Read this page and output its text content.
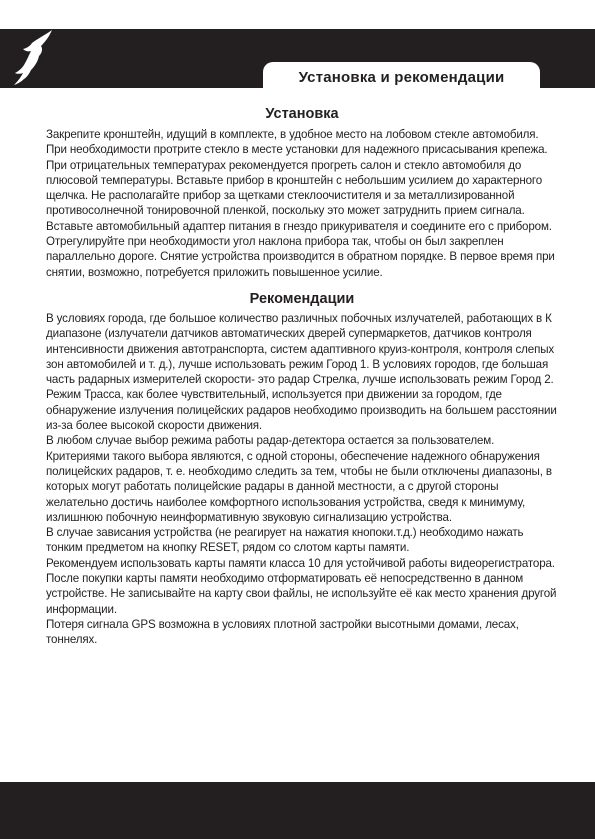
Установка и рекомендации
Установка

Закрепите кронштейн, идущий в комплекте, в удобное место на лобовом стекле автомобиля. При необходимости протрите стекло в месте установки для надежного присасывания крепежа. При отрицательных температурах рекомендуется прогреть салон и стекло автомобиля до плюсовой температуры. Вставьте прибор в кронштейн с небольшим усилием до характерного щелчка. Не располагайте прибор за щетками стеклоочистителя и за металлизированной противосолнечной тонировочной пленкой, поскольку это может затруднить прием сигнала. Вставьте автомобильный адаптер питания в гнездо прикуривателя и соедините его с прибором. Отрегулируйте при необходимости угол наклона прибора так, чтобы он был закреплен параллельно дороге. Снятие устройства производится в обратном порядке. В первое время при снятии, возможно, потребуется приложить повышенное усилие.

Рекомендации

В условиях города, где большое количество различных побочных излучателей, работающих в К диапазоне (излучатели датчиков автоматических дверей супермаркетов, датчиков контроля интенсивности движения автотранспорта, систем адаптивного круиз-контроля, контроля слепых зон автомобилей и т. д.), лучше использовать режим Город 1. В условиях городов, где большая часть радарных измерителей скорости- это радар Стрелка, лучше использовать режим Город 2.

Режим Трасса, как более чувствительный, используется при движении за городом, где обнаружение излучения полицейских радаров необходимо производить на большем расстоянии из-за более высокой скорости движения.

В любом случае выбор режима работы радар-детектора остается за пользователем. Критериями такого выбора являются, с одной стороны, обеспечение надежного обнаружения полицейских радаров, т. е. необходимо следить за тем, чтобы не были отключены диапазоны, в которых могут работать полицейские радары в данной местности, а с другой стороны желательно достичь наиболее комфортного использования устройства, сведя к минимуму, излишнюю побочную неинформативную звуковую сигнализацию устройства.

В случае зависания устройства (не реагирует на нажатия кнопоки.т.д.) необходимо нажать тонким предметом на кнопку RESET, рядом со слотом карты памяти.

Рекомендуем использовать карты памяти класса 10 для устойчивой работы видеорегистратора. После покупки карты памяти необходимо отформатировать её непосредственно в данном устройстве. Не записывайте на карту свои файлы, не используйте её как место хранения другой информации.

Потеря сигнала GPS возможна в условиях плотной застройки высотными домами, лесах, тоннелях.
